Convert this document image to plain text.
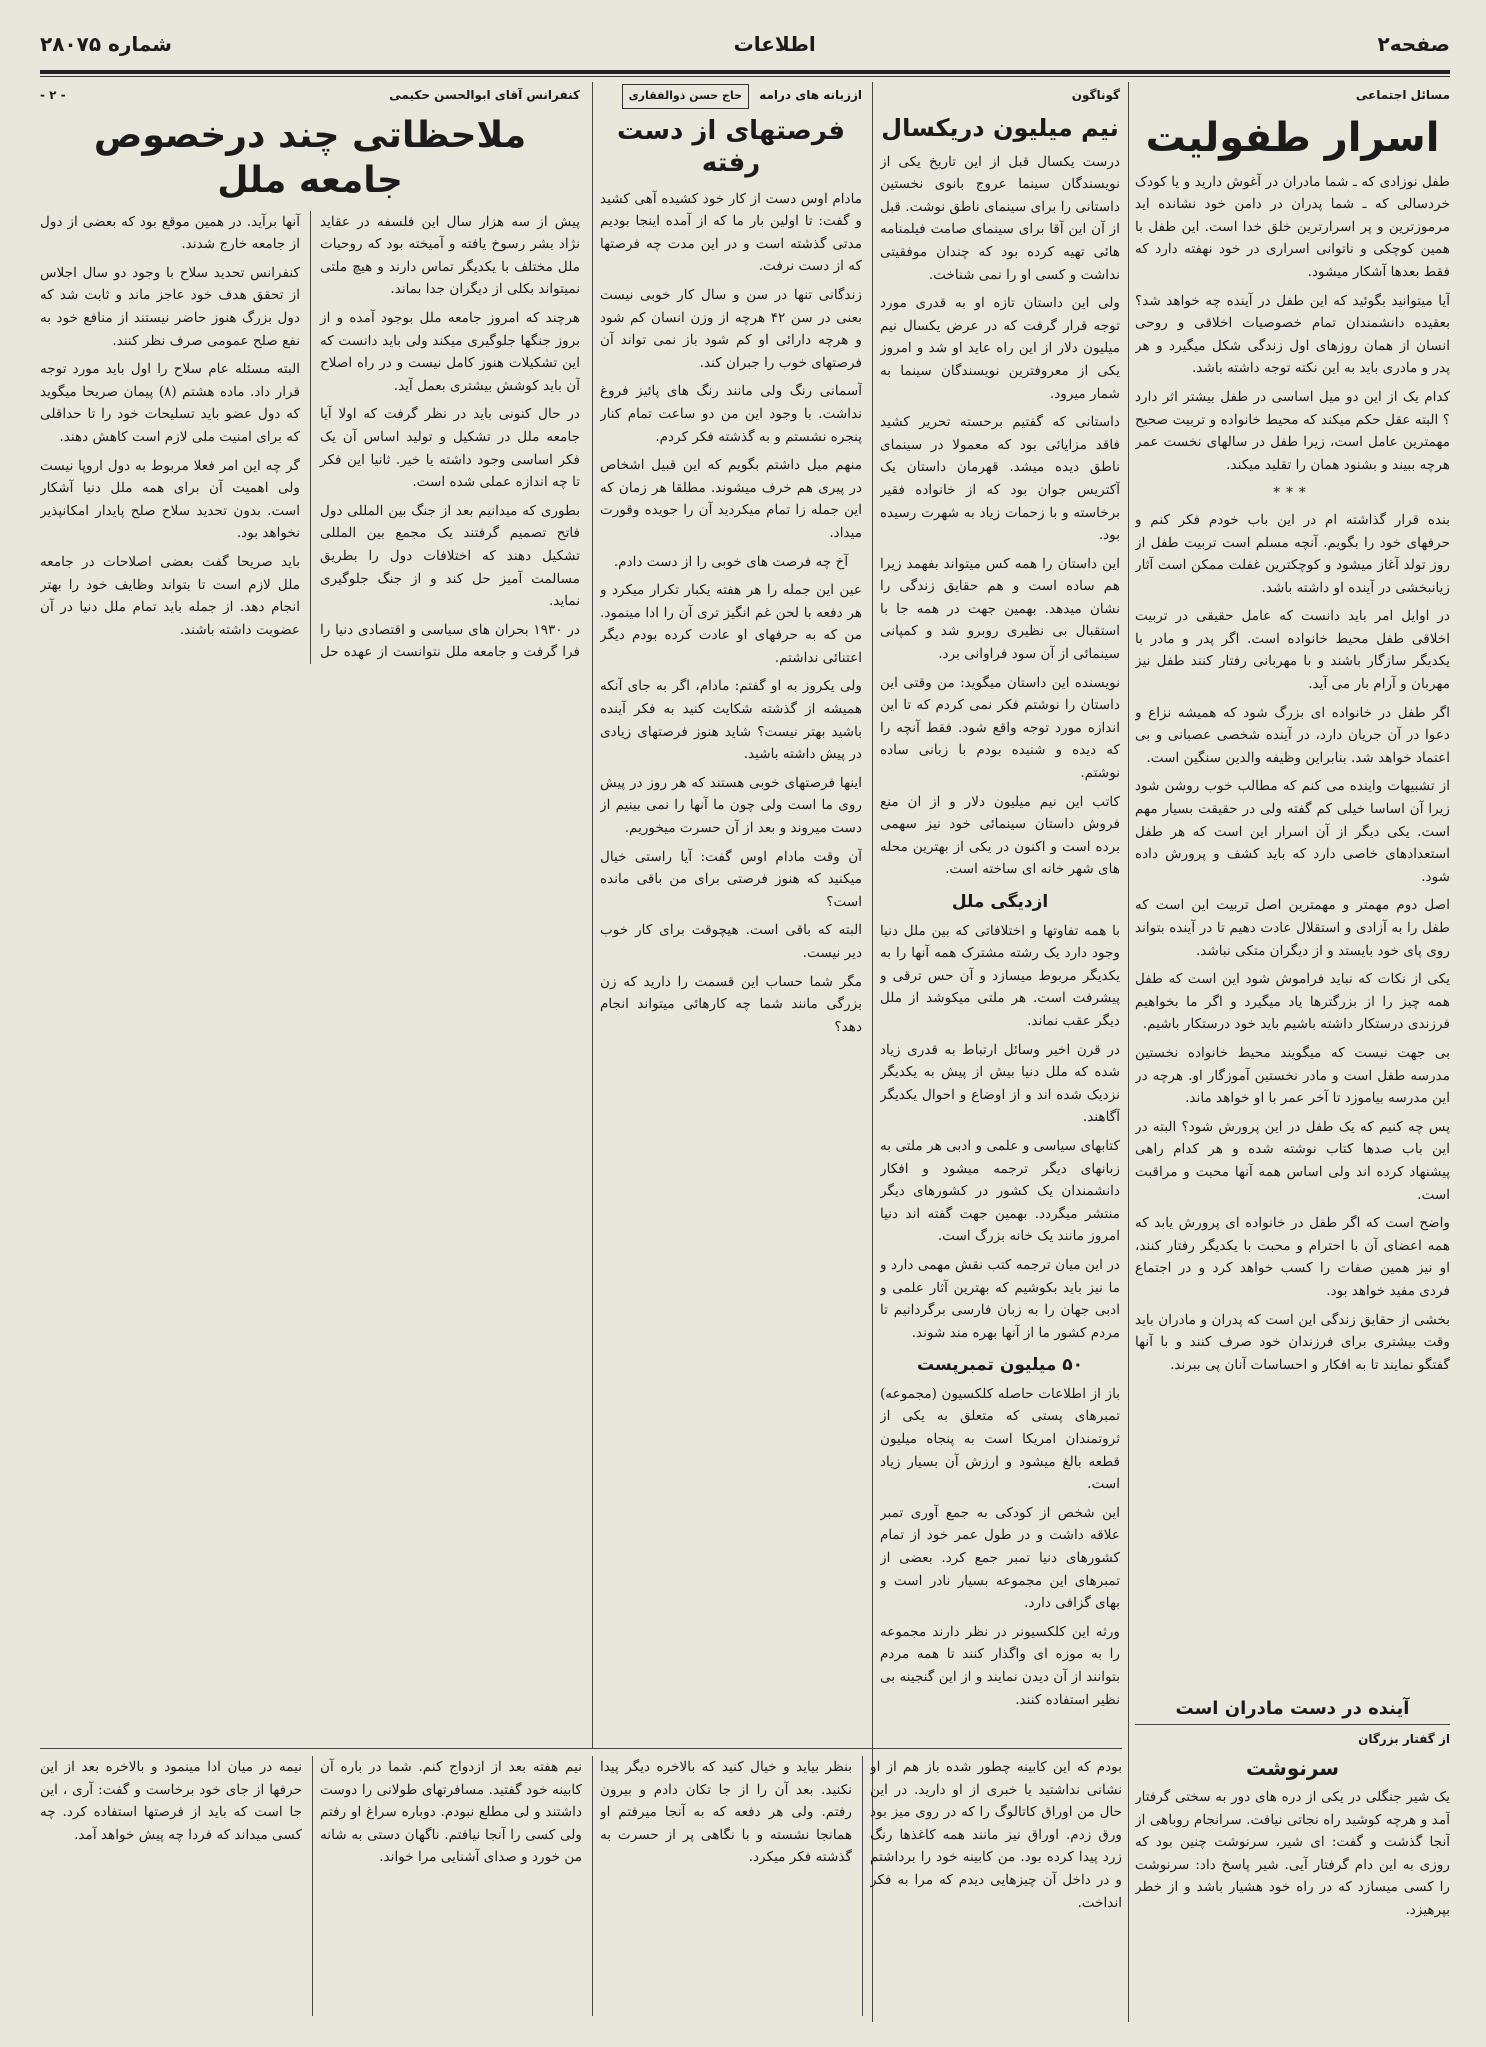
صفحه۲
اطلاعات
شماره ۲۸۰۷۵
مسائل اجتماعی
اسرار طفولیت

طفل نوزادی که ـ شما مادران در آغوش دارید و یا کودک خردسالی که ـ شما پدران در دامن خود نشانده اید مرموزترین و پر اسرارترین خلق خدا است. این طفل با همین کوچکی و ناتوانی اسراری در خود نهفته دارد که فقط بعدها آشکار میشود.

آیا میتوانید بگوئید که این طفل در آینده چه خواهد شد؟ بعقیده دانشمندان تمام خصوصیات اخلاقی و روحی انسان از همان روزهای اول زندگی شکل میگیرد و هر پدر و مادری باید به این نکته توجه داشته باشد.

کدام یک از این دو میل اساسی در طفل بیشتر اثر دارد ؟ البته عقل حکم میکند که محیط خانواده و تربیت صحیح مهمترین عامل است، زیرا طفل در سالهای نخست عمر هرچه ببیند و بشنود همان را تقلید میکند.

***

بنده قرار گذاشته ام در این باب خودم فکر کنم و حرفهای خود را بگویم. آنچه مسلم است تربیت طفل از روز تولد آغاز میشود و کوچکترین غفلت ممکن است آثار زیانبخشی در آینده او داشته باشد.

در اوایل امر باید دانست که عامل حقیقی در تربیت اخلاقی طفل محیط خانواده است. اگر پدر و مادر با یکدیگر سازگار باشند و با مهربانی رفتار کنند طفل نیز مهربان و آرام بار می آید.

اگر طفل در خانواده ای بزرگ شود که همیشه نزاع و دعوا در آن جریان دارد، در آینده شخصی عصبانی و بی اعتماد خواهد شد. بنابراین وظیفه والدین سنگین است.

از تشبیهات واینده می کنم که مطالب خوب روشن شود زیرا آن اساسا خیلی کم گفته ولی در حقیقت بسیار مهم است. یکی دیگر از آن اسرار این است که هر طفل استعدادهای خاصی دارد که باید کشف و پرورش داده شود.

اصل دوم مهمتر و مهمترین اصل تربیت این است که طفل را به آزادی و استقلال عادت دهیم تا در آینده بتواند روی پای خود بایستد و از دیگران متکی نباشد.

یکی از نکات که نباید فراموش شود این است که طفل همه چیز را از بزرگترها یاد میگیرد و اگر ما بخواهیم فرزندی درستکار داشته باشیم باید خود درستکار باشیم.

بی جهت نیست که میگویند محیط خانواده نخستین مدرسه طفل است و مادر نخستین آموزگار او. هرچه در این مدرسه بیاموزد تا آخر عمر با او خواهد ماند.

پس چه کنیم که یک طفل در این پرورش شود؟ البته در این باب صدها کتاب نوشته شده و هر کدام راهی پیشنهاد کرده اند ولی اساس همه آنها محبت و مراقبت است.

واضح است که اگر طفل در خانواده ای پرورش یابد که همه اعضای آن با احترام و محبت با یکدیگر رفتار کنند، او نیز همین صفات را کسب خواهد کرد و در اجتماع فردی مفید خواهد بود.

بخشی از حقایق زندگی این است که پدران و مادران باید وقت بیشتری برای فرزندان خود صرف کنند و با آنها گفتگو نمایند تا به افکار و احساسات آنان پی ببرند.

آینده در دست مادران است
از گفتار بزرگان
سرنوشت

یک شیر جنگلی در یکی از دره های دور به سختی گرفتار آمد و هرچه کوشید راه نجاتی نیافت. سرانجام روباهی از آنجا گذشت و گفت: ای شیر، سرنوشت چنین بود که روزی به این دام گرفتار آیی. شیر پاسخ داد: سرنوشت را کسی میسازد که در راه خود هشیار باشد و از خطر بپرهیزد.

گوناگون
نیم میلیون دریکسال

درست یکسال قبل از این تاریخ یکی از نویسندگان سینما عروج بانوی نخستین داستانی را برای سینمای ناطق نوشت. قبل از آن این آقا برای سینمای صامت فیلمنامه هائی تهیه کرده بود که چندان موفقیتی نداشت و کسی او را نمی شناخت.

ولی این داستان تازه او به قدری مورد توجه قرار گرفت که در عرض یکسال نیم میلیون دلار از این راه عاید او شد و امروز یکی از معروفترین نویسندگان سینما به شمار میرود.

داستانی که گفتیم برحسته تحریر کشید فاقد مزایائی بود که معمولا در سینمای ناطق دیده میشد. قهرمان داستان یک آکتریس جوان بود که از خانواده فقیر برخاسته و با زحمات زیاد به شهرت رسیده بود.

این داستان را همه کس میتواند بفهمد زیرا هم ساده است و هم حقایق زندگی را نشان میدهد. بهمین جهت در همه جا با استقبال بی نظیری روبرو شد و کمپانی سینمائی از آن سود فراوانی برد.

نویسنده این داستان میگوید: من وقتی این داستان را نوشتم فکر نمی کردم که تا این اندازه مورد توجه واقع شود. فقط آنچه را که دیده و شنیده بودم با زبانی ساده نوشتم.

کاتب این نیم میلیون دلار و از ان منع فروش داستان سینمائی خود نیز سهمی برده است و اکنون در یکی از بهترین محله های شهر خانه ای ساخته است.

ازدیگی ملل

با همه تفاوتها و اختلافاتی که بین ملل دنیا وجود دارد یک رشته مشترک همه آنها را به یکدیگر مربوط میسازد و آن حس ترقی و پیشرفت است. هر ملتی میکوشد از ملل دیگر عقب نماند.

در قرن اخیر وسائل ارتباط به قدری زیاد شده که ملل دنیا بیش از پیش به یکدیگر نزدیک شده اند و از اوضاع و احوال یکدیگر آگاهند.

کتابهای سیاسی و علمی و ادبی هر ملتی به زبانهای دیگر ترجمه میشود و افکار دانشمندان یک کشور در کشورهای دیگر منتشر میگردد. بهمین جهت گفته اند دنیا امروز مانند یک خانه بزرگ است.

در این میان ترجمه کتب نقش مهمی دارد و ما نیز باید بکوشیم که بهترین آثار علمی و ادبی جهان را به زبان فارسی برگردانیم تا مردم کشور ما از آنها بهره مند شوند.

۵۰ میلیون تمبرپست

باز از اطلاعات حاصله کلکسیون (مجموعه) تمبرهای پستی که متعلق به یکی از ثروتمندان امریکا است به پنجاه میلیون قطعه بالغ میشود و ارزش آن بسیار زیاد است.

این شخص از کودکی به جمع آوری تمبر علاقه داشت و در طول عمر خود از تمام کشورهای دنیا تمبر جمع کرد. بعضی از تمبرهای این مجموعه بسیار نادر است و بهای گزافی دارد.

ورثه این کلکسیونر در نظر دارند مجموعه را به موزه ای واگذار کنند تا همه مردم بتوانند از آن دیدن نمایند و از این گنجینه بی نظیر استفاده کنند.

اززبانه های درامه حاج حسن ذوالفقاری
فرصتهای از دست رفته

مادام اوس دست از کار خود کشیده آهی کشید و گفت: تا اولین بار ما که از آمده اینجا بودیم مدتی گذشته است و در این مدت چه فرصتها که از دست نرفت.

زندگانی تنها در سن و سال کار خوبی نیست بعنی در سن ۴۲ هرچه از وزن انسان کم شود و هرچه دارائی او کم شود باز نمی تواند آن فرصتهای خوب را جبران کند.

آسمانی رنگ ولی مانند رنگ های پائیز فروغ نداشت. با وجود این من دو ساعت تمام کنار پنجره نشستم و به گذشته فکر کردم.

منهم میل داشتم بگویم که این قبیل اشخاص در پیری هم خرف میشوند. مطلقا هر زمان که این جمله زا تمام میکردید آن را جویده وقورت میداد.

آخ چه فرصت های خوبی را از دست دادم.

عین این جمله را هر هفته یکبار تکرار میکرد و هر دفعه با لحن غم انگیز تری آن را ادا مینمود. من که به حرفهای او عادت کرده بودم دیگر اعتنائی نداشتم.

ولی یکروز به او گفتم: مادام، اگر به جای آنکه همیشه از گذشته شکایت کنید به فکر آینده باشید بهتر نیست؟ شاید هنوز فرصتهای زیادی در پیش داشته باشید.

اینها فرصتهای خوبی هستند که هر روز در پیش روی ما است ولی چون ما آنها را نمی بینیم از دست میروند و بعد از آن حسرت میخوریم.

آن وقت مادام اوس گفت: آیا راستی خیال میکنید که هنوز فرصتی برای من باقی مانده است؟

البته که باقی است. هیچوقت برای کار خوب دیر نیست.

مگر شما حساب این قسمت را دارید که زن بزرگی مانند شما چه کارهائی میتواند انجام دهد؟

کنفرانس آقای ابوالحسن حکیمی
- ۲ -
ملاحظاتی چند درخصوص جامعه ملل

پیش از سه هزار سال این فلسفه در عقاید نژاد بشر رسوخ یافته و آمیخته بود که روحیات ملل مختلف با یکدیگر تماس دارند و هیچ ملتی نمیتواند بکلی از دیگران جدا بماند.

هرچند که امروز جامعه ملل بوجود آمده و از بروز جنگها جلوگیری میکند ولی باید دانست که این تشکیلات هنوز کامل نیست و در راه اصلاح آن باید کوشش بیشتری بعمل آید.

در حال کنونی باید در نظر گرفت که اولا آیا جامعه ملل در تشکیل و تولید اساس آن یک فکر اساسی وجود داشته یا خیر. ثانیا این فکر تا چه اندازه عملی شده است.

بطوری که میدانیم بعد از جنگ بین المللی دول فاتح تصمیم گرفتند یک مجمع بین المللی تشکیل دهند که اختلافات دول را بطریق مسالمت آمیز حل کند و از جنگ جلوگیری نماید.

در ۱۹۳۰ بحران های سیاسی و اقتصادی دنیا را فرا گرفت و جامعه ملل نتوانست از عهده حل آنها برآید. در همین موقع بود که بعضی از دول از جامعه خارج شدند.

کنفرانس تحدید سلاح با وجود دو سال اجلاس از تحقق هدف خود عاجز ماند و ثابت شد که دول بزرگ هنوز حاضر نیستند از منافع خود به نفع صلح عمومی صرف نظر کنند.

البته مسئله عام سلاح را اول باید مورد توجه قرار داد. ماده هشتم (۸) پیمان صریحا میگوید که دول عضو باید تسلیحات خود را تا حداقلی که برای امنیت ملی لازم است کاهش دهند.

گر چه این امر فعلا مربوط به دول اروپا نیست ولی اهمیت آن برای همه ملل دنیا آشکار است. بدون تحدید سلاح صلح پایدار امکانپذیر نخواهد بود.

باید صریحا گفت بعضی اصلاحات در جامعه ملل لازم است تا بتواند وظایف خود را بهتر انجام دهد. از جمله باید تمام ملل دنیا در آن عضویت داشته باشند.

بودم که این کابینه چطور شده باز هم از او نشانی نداشتید یا خبری از او دارید. در این حال من اوراق کاتالوگ را که در روی میز بود ورق زدم. اوراق نیز مانند همه کاغذها رنگ زرد پیدا کرده بود. من کابینه خود را برداشتم و در داخل آن چیزهایی دیدم که مرا به فکر انداخت.
بنظر بیاید و خیال کنید که بالاخره دیگر پیدا نکنید. بعد آن را از جا تکان دادم و بیرون رفتم. ولی هر دفعه که به آنجا میرفتم او همانجا نشسته و با نگاهی پر از حسرت به گذشته فکر میکرد.
نیم هفته بعد از ازدواج کنم. شما در باره آن کابینه خود گفتید. مسافرتهای طولانی را دوست داشتند و لی مطلع نبودم. دوباره سراغ او رفتم ولی کسی را آنجا نیافتم. ناگهان دستی به شانه من خورد و صدای آشنایی مرا خواند.
نیمه در میان ادا مینمود و بالاخره بعد از این حرفها از جای خود برخاست و گفت: آری ، این جا است که باید از فرصتها استفاده کرد. چه کسی میداند که فردا چه پیش خواهد آمد.
